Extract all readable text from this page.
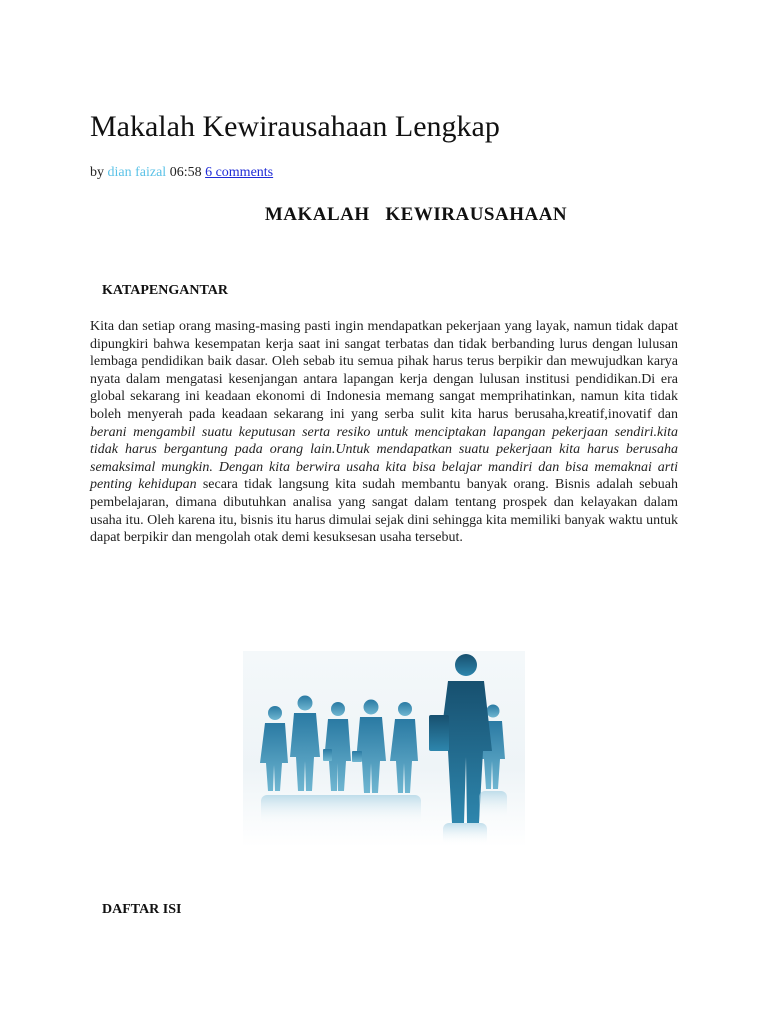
Makalah Kewirausahaan Lengkap
by dian faizal 06:58 6 comments
MAKALAH   KEWIRAUSAHAAN
KATAPENGANTAR

Kita dan setiap orang masing-masing pasti ingin mendapatkan pekerjaan yang layak, namun tidak dapat dipungkiri bahwa kesempatan kerja saat ini sangat terbatas dan tidak berbanding lurus dengan lulusan lembaga pendidikan baik dasar. Oleh sebab itu semua pihak harus terus berpikir dan mewujudkan karya nyata dalam mengatasi kesenjangan antara lapangan kerja dengan lulusan institusi pendidikan.Di era global sekarang ini keadaan ekonomi di Indonesia memang sangat memprihatinkan, namun kita tidak boleh menyerah pada keadaan sekarang ini yang serba sulit kita harus berusaha,kreatif,inovatif dan berani mengambil suatu keputusan serta resiko untuk menciptakan lapangan pekerjaan sendiri.kita tidak harus bergantung pada orang lain.Untuk mendapatkan suatu pekerjaan kita harus berusaha semaksimal mungkin. Dengan kita berwira usaha kita bisa belajar mandiri dan bisa memaknai arti penting kehidupan secara tidak langsung kita sudah membantu banyak orang. Bisnis adalah sebuah pembelajaran, dimana dibutuhkan analisa yang sangat dalam tentang prospek dan kelayakan dalam usaha itu. Oleh karena itu, bisnis itu harus dimulai sejak dini sehingga kita memiliki banyak waktu untuk dapat berpikir dan mengolah otak demi kesuksesan usaha tersebut.

DAFTAR ISI
